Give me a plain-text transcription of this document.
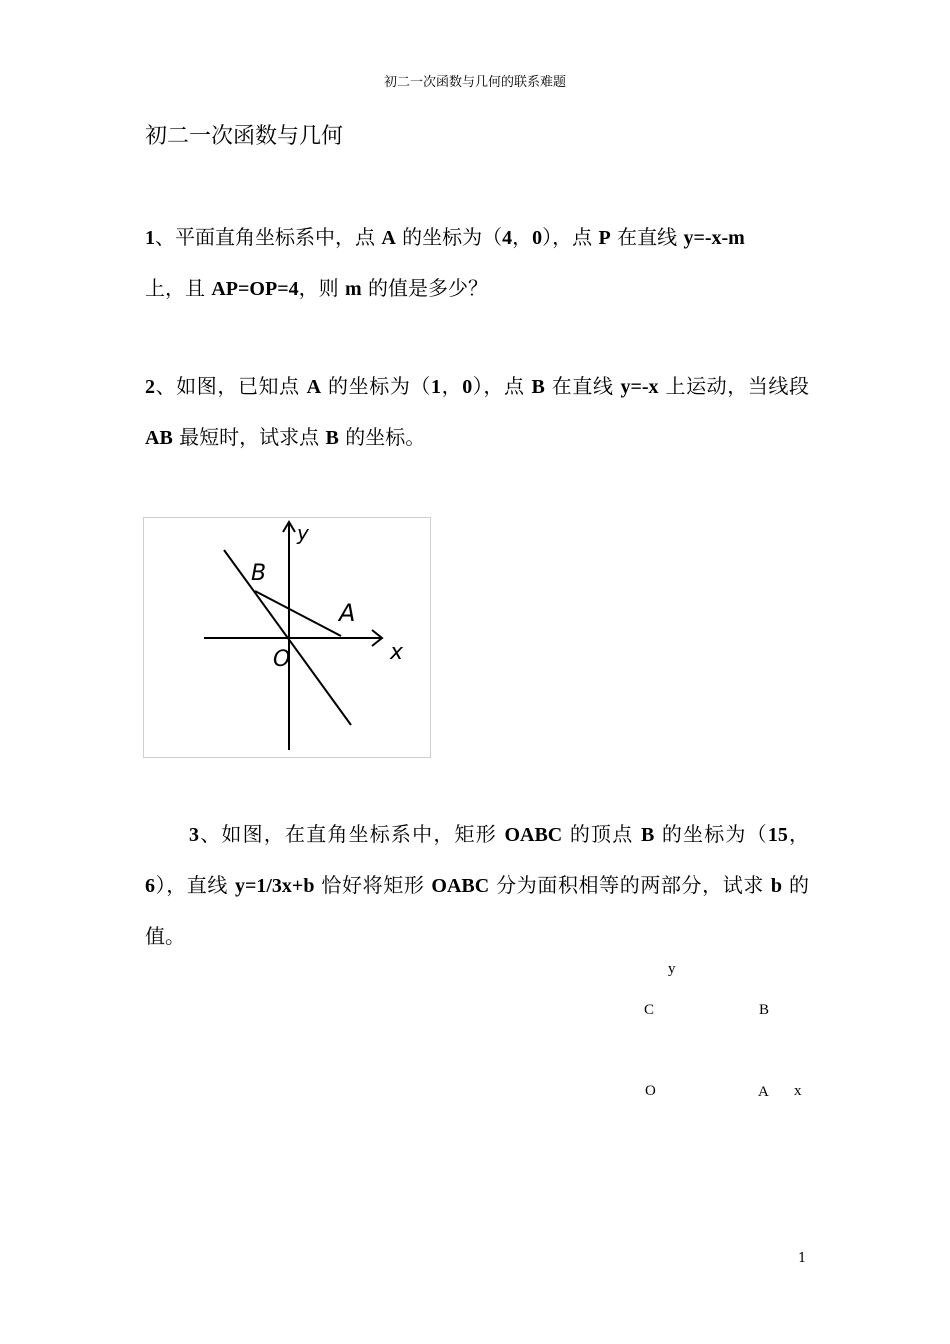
初二一次函数与几何的联系难题
初二一次函数与几何
1、平面直角坐标系中，点 A 的坐标为（4，0），点 P 在直线 y=-x-m
上，且 AP=OP=4，则 m 的值是多少？
2、如图，已知点 A 的坐标为（1，0），点 B 在直线 y=-x 上运动，当线段 AB 最短时，试求点 B 的坐标。
y
B
A
O	x
3、如图，在直角坐标系中，矩形 OABC 的顶点 B 的坐标为（15，6），直线 y=1/3x+b 恰好将矩形 OABC 分为面积相等的两部分，试求 b 的值。
y
C	B
O	A x
1
